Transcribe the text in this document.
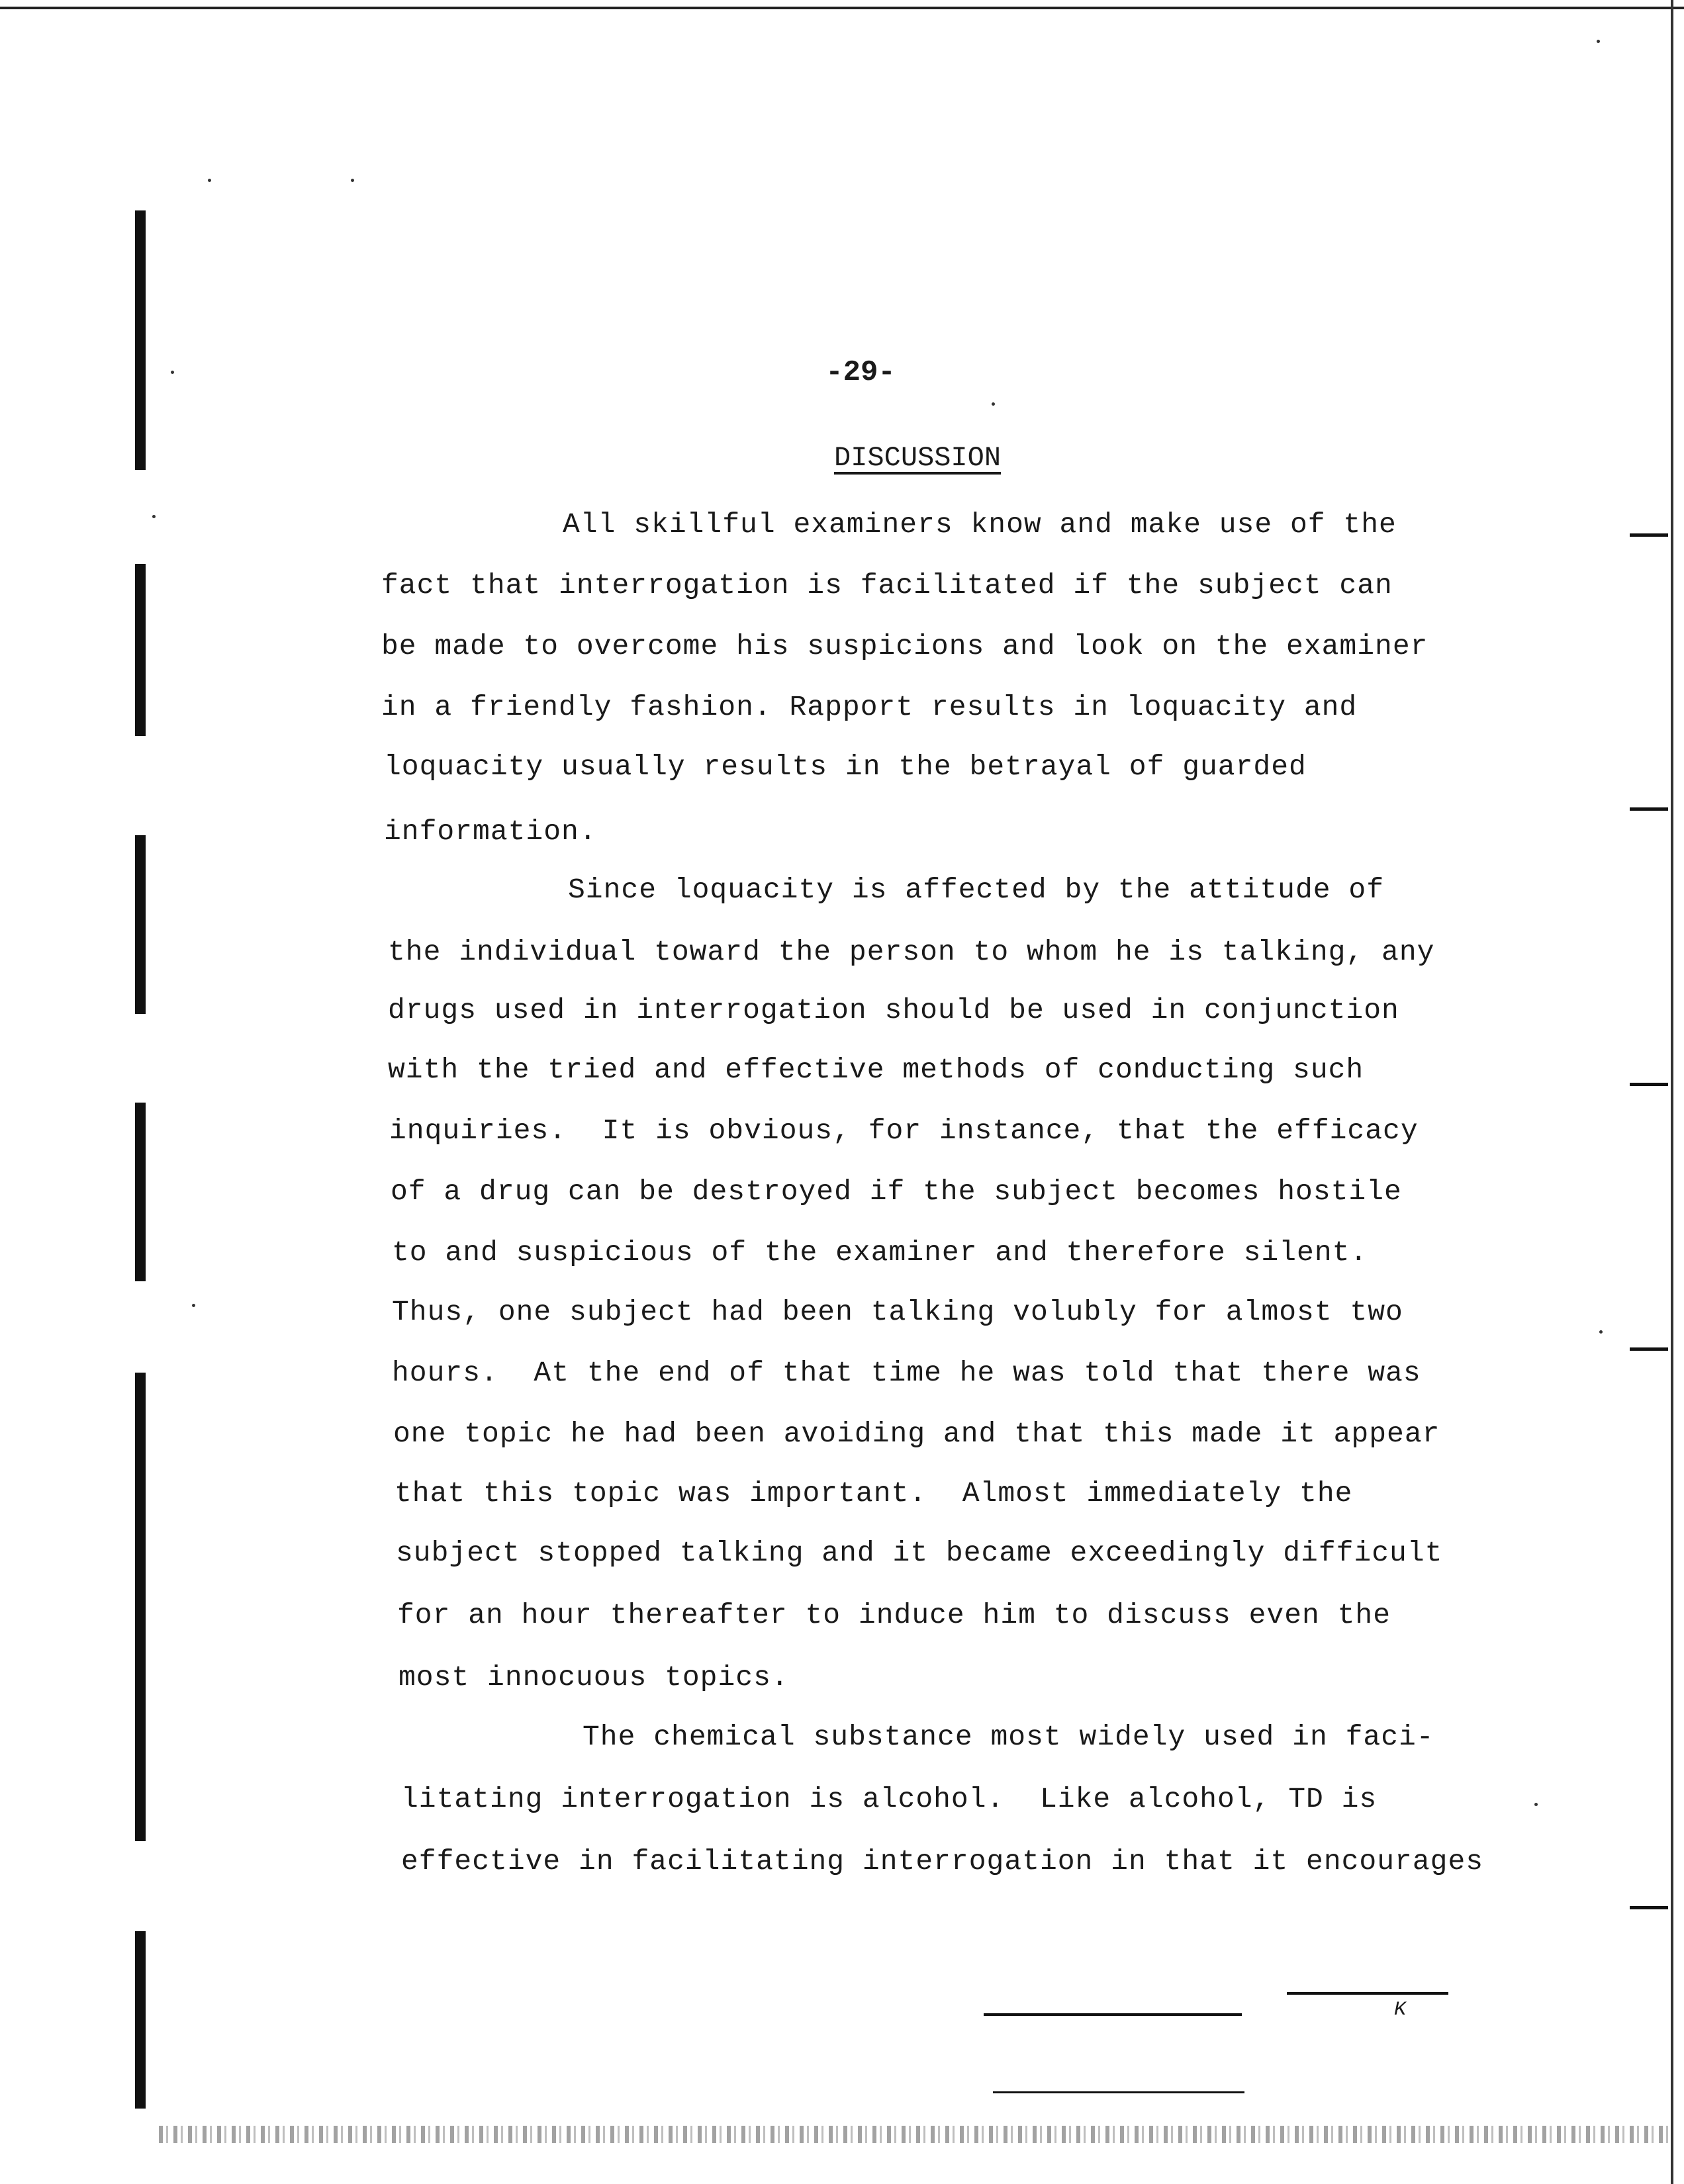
-29-
DISCUSSION
All skillful examiners know and make use of the
fact that interrogation is facilitated if the subject can
be made to overcome his suspicions and look on the examiner
in a friendly fashion. Rapport results in loquacity and
loquacity usually results in the betrayal of guarded
information.
Since loquacity is affected by the attitude of
the individual toward the person to whom he is talking, any
drugs used in interrogation should be used in conjunction
with the tried and effective methods of conducting such
inquiries.  It is obvious, for instance, that the efficacy
of a drug can be destroyed if the subject becomes hostile
to and suspicious of the examiner and therefore silent.
Thus, one subject had been talking volubly for almost two
hours.  At the end of that time he was told that there was
one topic he had been avoiding and that this made it appear
that this topic was important.  Almost immediately the
subject stopped talking and it became exceedingly difficult
for an hour thereafter to induce him to discuss even the
most innocuous topics.
The chemical substance most widely used in faci-
litating interrogation is alcohol.  Like alcohol, TD is
effective in facilitating interrogation in that it encourages
K
